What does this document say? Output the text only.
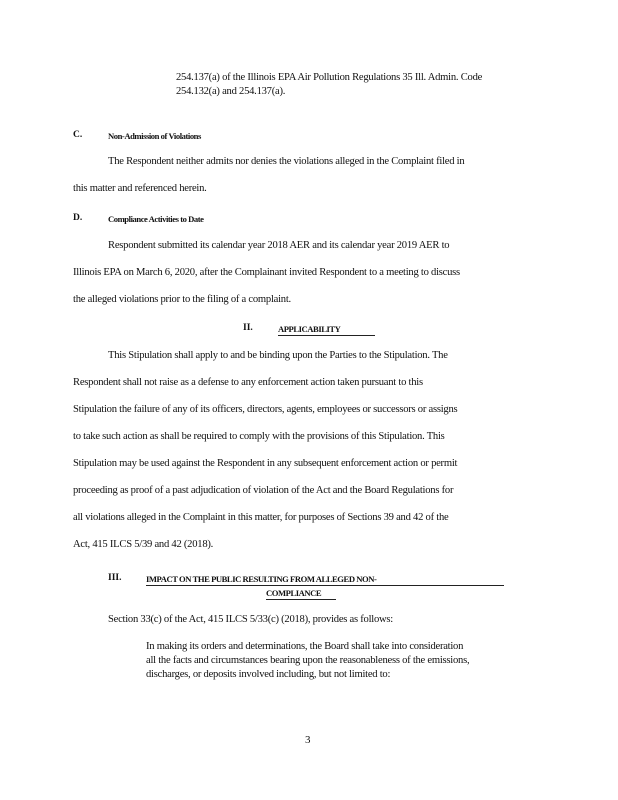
254.137(a) of the Illinois EPA Air Pollution Regulations 35 Ill. Admin. Code

254.132(a) and 254.137(a).

C.	Non-Admission of Violations

The Respondent neither admits nor denies the violations alleged in the Complaint filed in

this matter and referenced herein.

D.	Compliance Activities to Date

Respondent submitted its calendar year 2018 AER and its calendar year 2019 AER to

Illinois EPA on March 6, 2020, after the Complainant invited Respondent to a meeting to discuss

the alleged violations prior to the filing of a complaint.

II.	APPLICABILITY

This Stipulation shall apply to and be binding upon the Parties to the Stipulation. The

Respondent shall not raise as a defense to any enforcement action taken pursuant to this

Stipulation the failure of any of its officers, directors, agents, employees or successors or assigns

to take such action as shall be required to comply with the provisions of this Stipulation. This

Stipulation may be used against the Respondent in any subsequent enforcement action or permit

proceeding as proof of a past adjudication of violation of the Act and the Board Regulations for

all violations alleged in the Complaint in this matter, for purposes of Sections 39 and 42 of the

Act, 415 ILCS 5/39 and 42 (2018).

III.	IMPACT ON THE PUBLIC RESULTING FROM ALLEGED NON-
COMPLIANCE

Section 33(c) of the Act, 415 ILCS 5/33(c) (2018), provides as follows:

In making its orders and determinations, the Board shall take into consideration

all the facts and circumstances bearing upon the reasonableness of the emissions,

discharges, or deposits involved including, but not limited to:

3
